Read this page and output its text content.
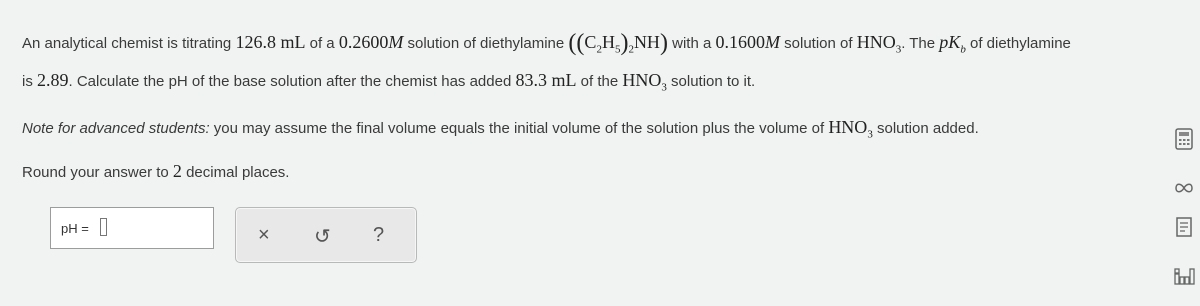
An analytical chemist is titrating 126.8 mL of a 0.2600M solution of diethylamine $((C_2H_5)_2NH)$ with a 0.1600M solution of $HNO_3$. The $pK_b$ of diethylamine
is 2.89. Calculate the pH of the base solution after the chemist has added 83.3 mL of the $HNO_3$ solution to it.
Note for advanced students: you may assume the final volume equals the initial volume of the solution plus the volume of $HNO_3$ solution added.
Round your answer to 2 decimal places.
pH =	× ↺ ?
